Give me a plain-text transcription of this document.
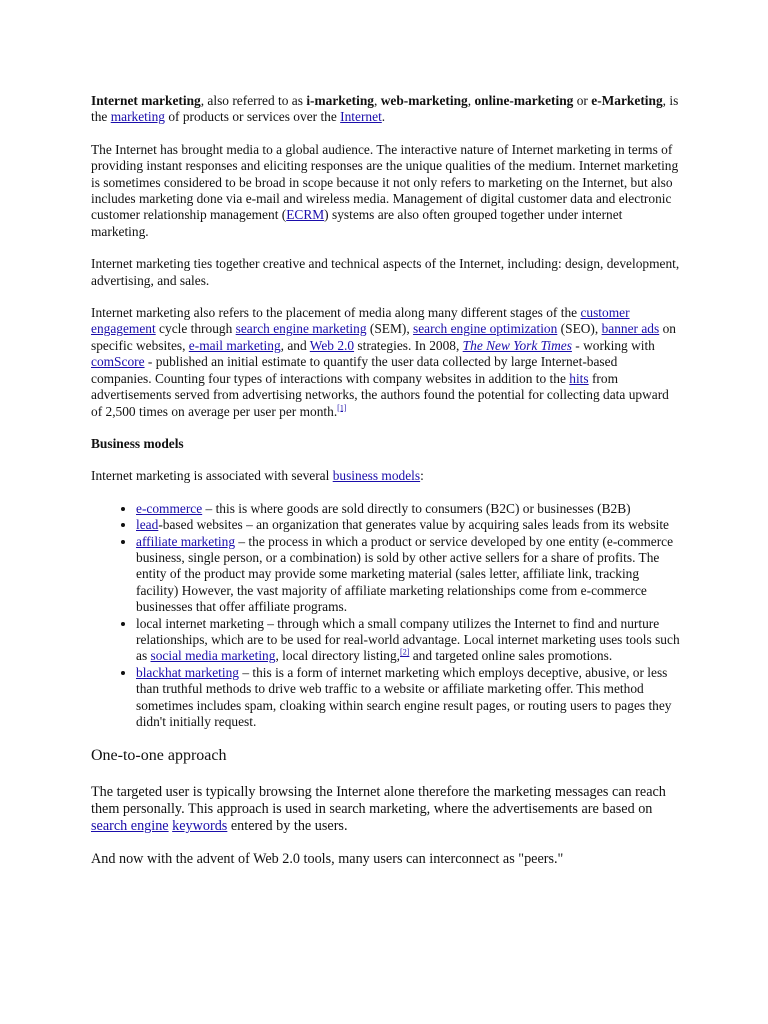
Internet marketing, also referred to as i-marketing, web-marketing, online-marketing or e-Marketing, is the marketing of products or services over the Internet.

The Internet has brought media to a global audience. The interactive nature of Internet marketing in terms of providing instant responses and eliciting responses are the unique qualities of the medium. Internet marketing is sometimes considered to be broad in scope because it not only refers to marketing on the Internet, but also includes marketing done via e-mail and wireless media. Management of digital customer data and electronic customer relationship management (ECRM) systems are also often grouped together under internet marketing.

Internet marketing ties together creative and technical aspects of the Internet, including: design, development, advertising, and sales.

Internet marketing also refers to the placement of media along many different stages of the customer engagement cycle through search engine marketing (SEM), search engine optimization (SEO), banner ads on specific websites, e-mail marketing, and Web 2.0 strategies. In 2008, The New York Times - working with comScore - published an initial estimate to quantify the user data collected by large Internet-based companies. Counting four types of interactions with company websites in addition to the hits from advertisements served from advertising networks, the authors found the potential for collecting data upward of 2,500 times on average per user per month.[1]

Business models

Internet marketing is associated with several business models:

• e-commerce – this is where goods are sold directly to consumers (B2C) or businesses (B2B)
• lead-based websites – an organization that generates value by acquiring sales leads from its website
• affiliate marketing – the process in which a product or service developed by one entity (e-commerce business, single person, or a combination) is sold by other active sellers for a share of profits. The entity of the product may provide some marketing material (sales letter, affiliate link, tracking facility) However, the vast majority of affiliate marketing relationships come from e-commerce businesses that offer affiliate programs.
• local internet marketing – through which a small company utilizes the Internet to find and nurture relationships, which are to be used for real-world advantage. Local internet marketing uses tools such as social media marketing, local directory listing,[2] and targeted online sales promotions.
• blackhat marketing – this is a form of internet marketing which employs deceptive, abusive, or less than truthful methods to drive web traffic to a website or affiliate marketing offer. This method sometimes includes spam, cloaking within search engine result pages, or routing users to pages they didn't initially request.
One-to-one approach

The targeted user is typically browsing the Internet alone therefore the marketing messages can reach them personally. This approach is used in search marketing, where the advertisements are based on search engine keywords entered by the users.

And now with the advent of Web 2.0 tools, many users can interconnect as "peers."
